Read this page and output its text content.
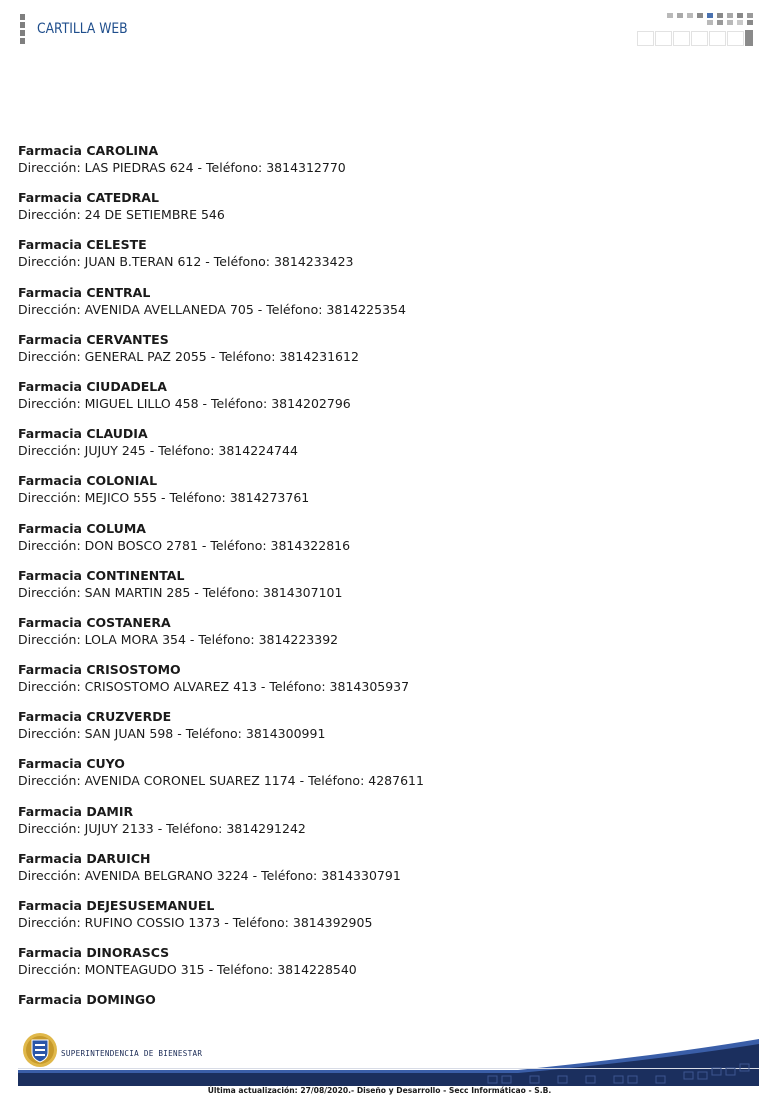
CARTILLA WEB
Farmacia CAROLINA
Dirección: LAS PIEDRAS 624 - Teléfono: 3814312770
Farmacia CATEDRAL
Dirección: 24 DE SETIEMBRE 546
Farmacia CELESTE
Dirección: JUAN B.TERAN 612 - Teléfono: 3814233423
Farmacia CENTRAL
Dirección: AVENIDA AVELLANEDA 705 - Teléfono: 3814225354
Farmacia CERVANTES
Dirección: GENERAL PAZ 2055 - Teléfono: 3814231612
Farmacia CIUDADELA
Dirección: MIGUEL LILLO 458 - Teléfono: 3814202796
Farmacia CLAUDIA
Dirección: JUJUY 245 - Teléfono: 3814224744
Farmacia COLONIAL
Dirección: MEJICO 555 - Teléfono: 3814273761
Farmacia COLUMA
Dirección: DON BOSCO 2781 - Teléfono: 3814322816
Farmacia CONTINENTAL
Dirección: SAN MARTIN 285 - Teléfono: 3814307101
Farmacia COSTANERA
Dirección: LOLA MORA 354 - Teléfono: 3814223392
Farmacia CRISOSTOMO
Dirección: CRISOSTOMO ALVAREZ 413 - Teléfono: 3814305937
Farmacia CRUZVERDE
Dirección: SAN JUAN 598 - Teléfono: 3814300991
Farmacia CUYO
Dirección: AVENIDA CORONEL SUAREZ 1174 - Teléfono: 4287611
Farmacia DAMIR
Dirección: JUJUY 2133 - Teléfono: 3814291242
Farmacia DARUICH
Dirección: AVENIDA BELGRANO 3224 - Teléfono: 3814330791
Farmacia DEJESUSEMANUEL
Dirección: RUFINO COSSIO 1373 - Teléfono: 3814392905
Farmacia DINORASCS
Dirección: MONTEAGUDO 315 - Teléfono: 3814228540
Farmacia DOMINGO
SUPERINTENDENCIA DE BIENESTAR
Última actualización: 27/08/2020.- Diseño y Desarrollo - Secc Informáticao - S.B.
